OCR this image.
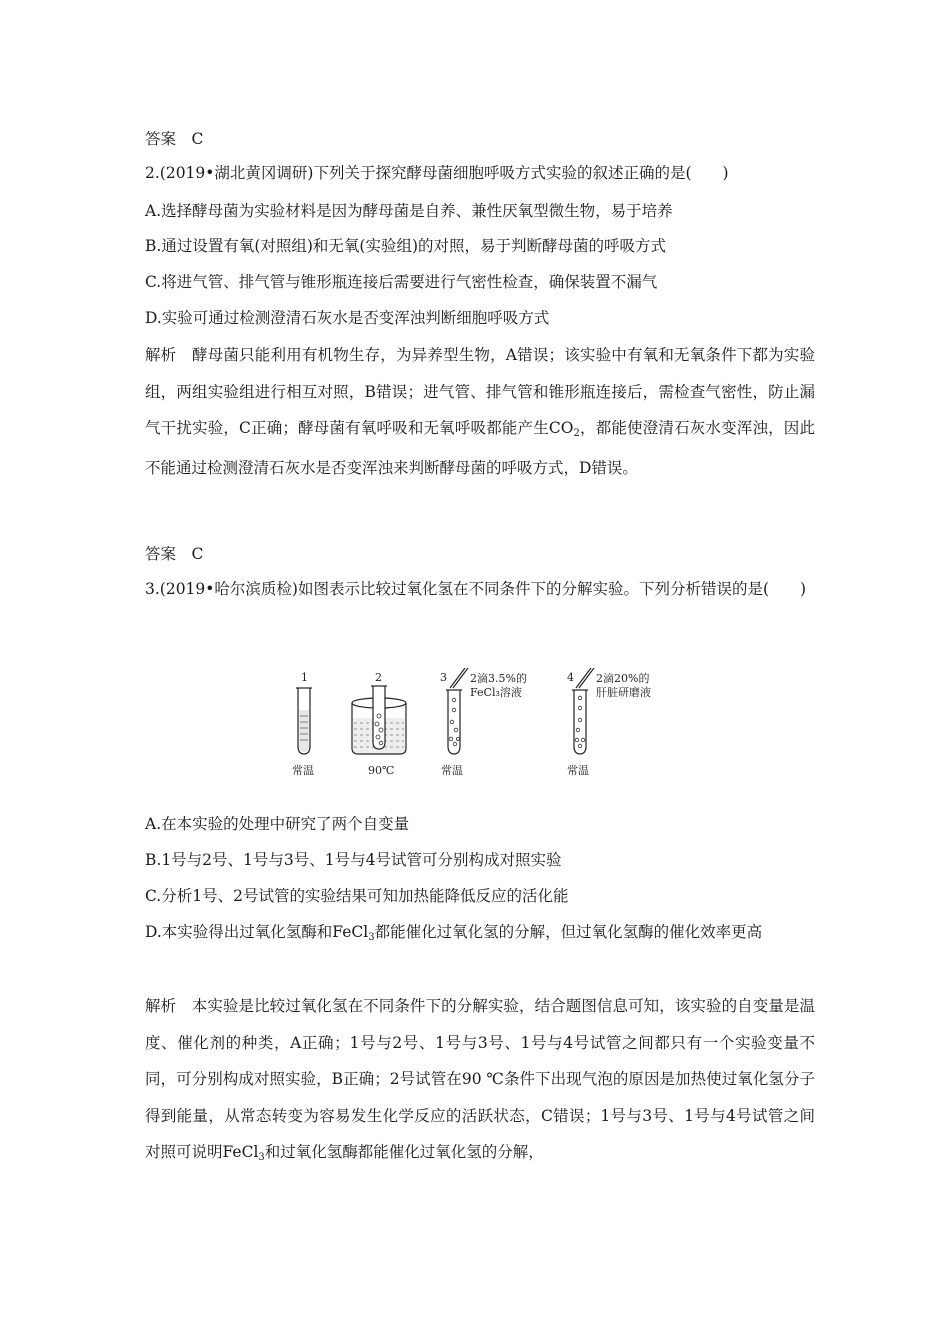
答案　C
2.(2019•湖北黄冈调研)下列关于探究酵母菌细胞呼吸方式实验的叙述正确的是(　　)
A.选择酵母菌为实验材料是因为酵母菌是自养、兼性厌氧型微生物，易于培养
B.通过设置有氧(对照组)和无氧(实验组)的对照，易于判断酵母菌的呼吸方式
C.将进气管、排气管与锥形瓶连接后需要进行气密性检查，确保装置不漏气
D.实验可通过检测澄清石灰水是否变浑浊判断细胞呼吸方式
解析　酵母菌只能利用有机物生存，为异养型生物，A错误；该实验中有氧和无氧条件下都为实验组，两组实验组进行相互对照，B错误；进气管、排气管和锥形瓶连接后，需检查气密性，防止漏气干扰实验，C正确；酵母菌有氧呼吸和无氧呼吸都能产生CO2，都能使澄清石灰水变浑浊，因此不能通过检测澄清石灰水是否变浑浊来判断酵母菌的呼吸方式，D错误。
答案　C
3.(2019•哈尔滨质检)如图表示比较过氧化氢在不同条件下的分解实验。下列分析错误的是(　　)
1	2	3 2滴3.5%的
FeCl₃溶液
4 2滴20%的
肝脏研磨液
常温	90℃	常温	常温
A.在本实验的处理中研究了两个自变量
B.1号与2号、1号与3号、1号与4号试管可分别构成对照实验
C.分析1号、2号试管的实验结果可知加热能降低反应的活化能
D.本实验得出过氧化氢酶和FeCl3都能催化过氧化氢的分解，但过氧化氢酶的催化效率更高
解析　本实验是比较过氧化氢在不同条件下的分解实验，结合题图信息可知，该实验的自变量是温度、催化剂的种类，A正确；1号与2号、1号与3号、1号与4号试管之间都只有一个实验变量不同，可分别构成对照实验，B正确；2号试管在90 ℃条件下出现气泡的原因是加热使过氧化氢分子得到能量，从常态转变为容易发生化学反应的活跃状态，C错误；1号与3号、1号与4号试管之间对照可说明FeCl3和过氧化氢酶都能催化过氧化氢的分解，
